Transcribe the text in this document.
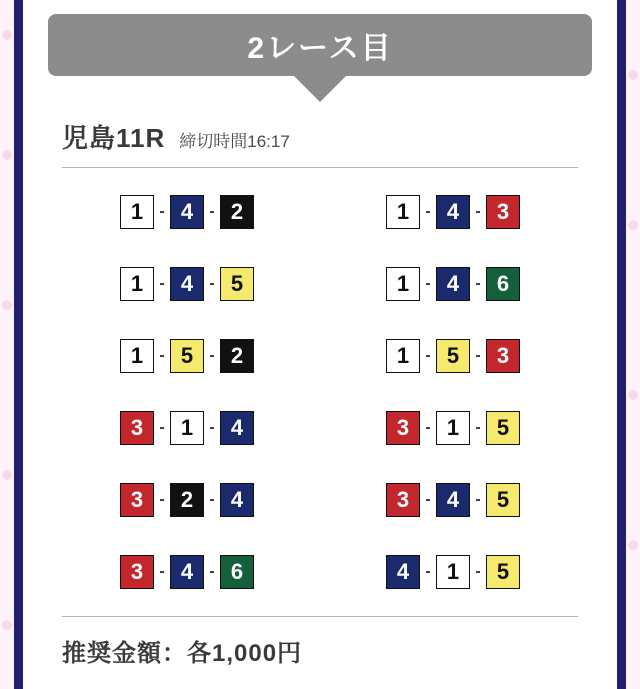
2レース目
児島11R 締切時間16:17
1	- 4	- 2	1	- 4	- 3
1	- 4	- 5	1	- 4	- 6
1	- 5	- 2	1	- 5	- 3
3	- 1	- 4	3	- 1	- 5
3	- 2	- 4	3	- 4	- 5
3	- 4	- 6	4	- 1	- 5
推奨金額：各1,000円
